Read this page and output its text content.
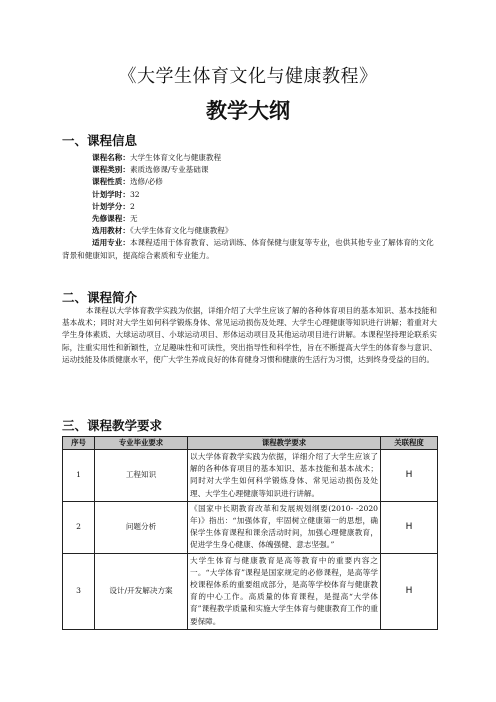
《大学生体育文化与健康教程》
教学大纲
一、课程信息
课程名称：大学生体育文化与健康教程
课程类别：素质选修课/专业基础课
课程性质：选修/必修
计划学时：32
计划学分：2
先修课程：无
选用教材：《大学生体育文化与健康教程》
适用专业：本课程适用于体育教育、运动训练、体育保健与康复等专业，也供其他专业了解体育的文化背景和健康知识，提高综合素质和专业能力。
二、课程简介
本课程以大学体育教学实践为依据，详细介绍了大学生应该了解的各种体育项目的基本知识、基本技能和基本战术；同时对大学生如何科学锻炼身体、常见运动损伤及处理、大学生心理健康等知识进行讲解；着重对大学生身体素质、大球运动项目、小球运动项目、形体运动项目及其他运动项目进行讲解。本课程坚持理论联系实际，注重实用性和新颖性，立足趣味性和可读性，突出指导性和科学性，旨在不断提高大学生的体育参与意识、运动技能及体质健康水平，使广大学生养成良好的体育健身习惯和健康的生活行为习惯，达到终身受益的目的。
三、课程教学要求
序号	专业毕业要求	课程教学要求	关联程度
1	工程知识	以大学体育教学实践为依据，详细介绍了大学生应该了解的各种体育项目的基本知识、基本技能和基本战术；同时对大学生如何科学锻炼身体、常见运动损伤及处理、大学生心理健康等知识进行讲解。	H
2	问题分析	《国家中长期教育改革和发展规划纲要(2010- -2020年)》指出：“加强体育，牢固树立健康第一的思想，确保学生体育课程和课余活动时间，加强心理健康教育，促进学生身心健康、体魄强健、意志坚强。”	H
3	设计/开发解决方案	大学生体育与健康教育是高等教育中的重要内容之一。“大学体育”课程是国家规定的必修课程，是高等学校课程体系的重要组成部分，是高等学校体育与健康教育的中心工作。高质量的体育课程，是提高“大学体育”课程教学质量和实施大学生体育与健康教育工作的重要保障。	H
